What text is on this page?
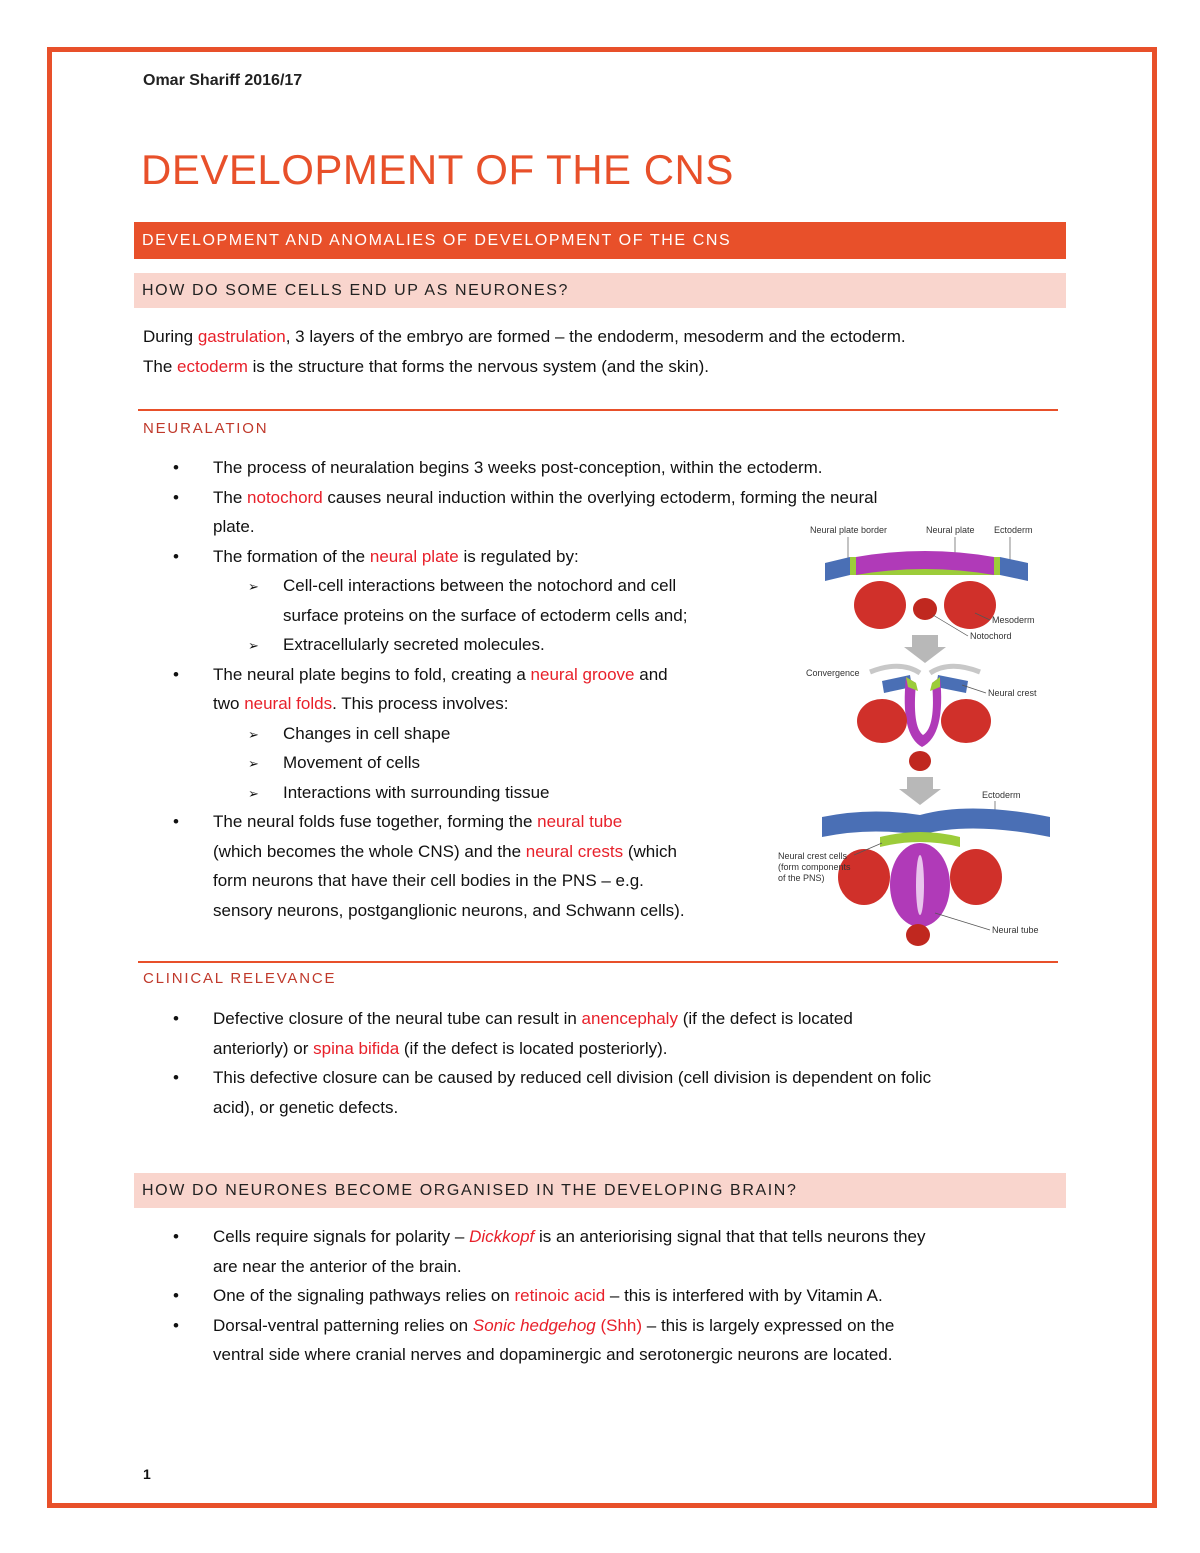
Omar Shariff 2016/17
DEVELOPMENT OF THE CNS
DEVELOPMENT AND ANOMALIES OF DEVELOPMENT OF THE CNS
HOW DO SOME CELLS END UP AS NEURONES?

During gastrulation, 3 layers of the embryo are formed – the endoderm, mesoderm and the ectoderm.
The ectoderm is the structure that forms the nervous system (and the skin).

NEURALATION
• The process of neuralation begins 3 weeks post-conception, within the ectoderm.
• The notochord causes neural induction within the overlying ectoderm, forming the neural
plate.
• The formation of the neural plate is regulated by:
➢ Cell-cell interactions between the notochord and cell
surface proteins on the surface of ectoderm cells and;
➢ Extracellularly secreted molecules.
• The neural plate begins to fold, creating a neural groove and
two neural folds. This process involves:
➢ Changes in cell shape
➢ Movement of cells
➢ Interactions with surrounding tissue
• The neural folds fuse together, forming the neural tube
(which becomes the whole CNS) and the neural crests (which
form neurons that have their cell bodies in the PNS – e.g.
sensory neurons, postganglionic neurons, and Schwann cells).
Neural plate border	Neural plate Ectoderm
Mesoderm
Notochord
Convergence
Neural crest
Ectoderm
Neural crest cells
(form components
of the PNS)
Neural tube
CLINICAL RELEVANCE
• Defective closure of the neural tube can result in anencephaly (if the defect is located
anteriorly) or spina bifida (if the defect is located posteriorly).
• This defective closure can be caused by reduced cell division (cell division is dependent on folic
acid), or genetic defects.
HOW DO NEURONES BECOME ORGANISED IN THE DEVELOPING BRAIN?
• Cells require signals for polarity – Dickkopf is an anteriorising signal that that tells neurons they
are near the anterior of the brain.
• One of the signaling pathways relies on retinoic acid – this is interfered with by Vitamin A.
• Dorsal-ventral patterning relies on Sonic hedgehog (Shh) – this is largely expressed on the
ventral side where cranial nerves and dopaminergic and serotonergic neurons are located.
1
